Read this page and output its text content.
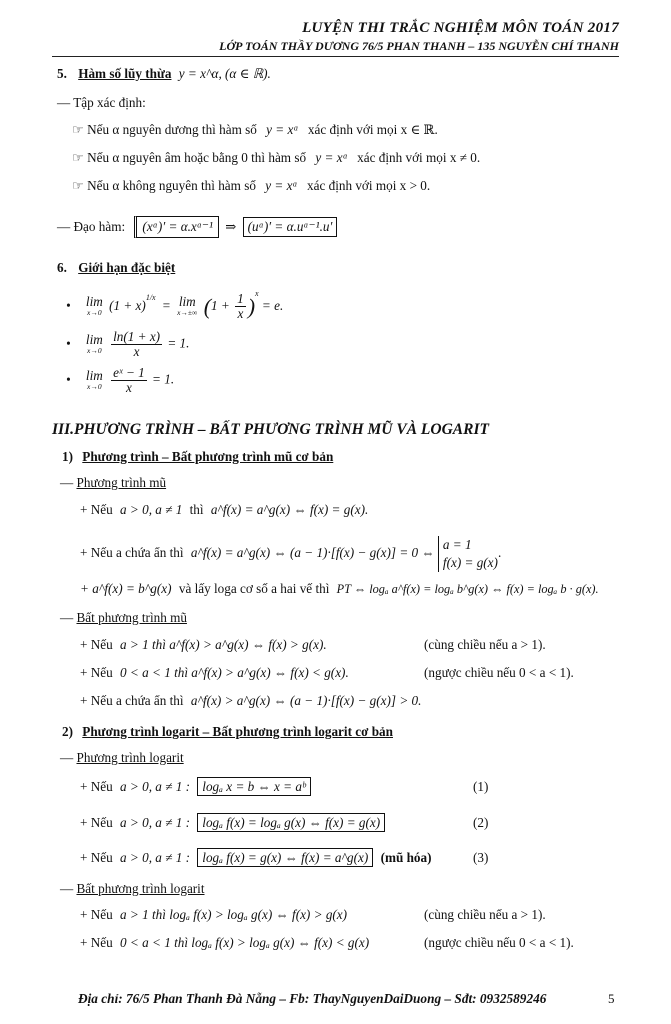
LUYỆN THI TRẮC NGHIỆM MÔN TOÁN 2017
LỚP TOÁN THẦY DƯƠNG 76/5 PHAN THANH – 135 NGUYỄN CHÍ THANH
5. Hàm số lũy thừa y = x^α, (α ∈ ℝ).
— Tập xác định:
☞ Nếu α nguyên dương thì hàm số y = xᵅ xác định với mọi x ∈ ℝ.
☞ Nếu α nguyên âm hoặc bằng 0 thì hàm số y = xᵅ xác định với mọi x ≠ 0.
☞ Nếu α không nguyên thì hàm số y = xᵅ xác định với mọi x > 0.
— Đạo hàm: (xᵅ)′ = α.xᵅ⁻¹ ⇒ (uᵅ)′ = α.uᵅ⁻¹.u′
6. Giới hạn đặc biệt
• lim
x→0 $(1 + x)^{1/x} = \lim$
x→±∞ $(1 + \frac{1}{x} )^x = e$.
• lim
x→0
$\frac{\ln(1 + x)}{x} = 1$.
• lim
x→0
$\frac{\text{eˣ − 1}}{x} = 1$.
III.PHƯƠNG TRÌNH – BẤT PHƯƠNG TRÌNH MŨ VÀ LOGARIT
1) Phương trình – Bất phương trình mũ cơ bản
— Phương trình mũ
+ Nếu a > 0, a ≠ 1 thì a^f(x) = a^g(x) ⇔ f(x) = g(x).
+ Nếu a chứa ẩn thì a^f(x) = a^g(x) ⇔ (a − 1)·[f(x) − g(x)] = 0 ⇔
a = 1
f(x) = g(x)
.
+ a^f(x) = b^g(x) và lấy loga cơ số a hai vế thì PT ⇔ logₐ a^f(x) = logₐ b^g(x) ⇔ f(x) = logₐ b · g(x).
— Bất phương trình mũ
+ Nếu a > 1 thì a^f(x) > a^g(x) ⇔ f(x) > g(x).	(cùng chiều nếu a > 1).
+ Nếu 0 < a < 1 thì a^f(x) > a^g(x) ⇔ f(x) < g(x).	(ngược chiều nếu 0 < a < 1).
+ Nếu a chứa ẩn thì a^f(x) > a^g(x) ⇔ (a − 1)·[f(x) − g(x)] > 0.
2) Phương trình logarit – Bất phương trình logarit cơ bản
— Phương trình logarit
+ Nếu a > 0, a ≠ 1 : logₐ x = b ⇔ x = aᵇ	(1)
+ Nếu a > 0, a ≠ 1 : logₐ f(x) = logₐ g(x) ⇔ f(x) = g(x)	(2)
+ Nếu a > 0, a ≠ 1 : logₐ f(x) = g(x) ⇔ f(x) = a^g(x) (mũ hóa)	(3)
— Bất phương trình logarit
+ Nếu a > 1 thì logₐ f(x) > logₐ g(x) ⇔ f(x) > g(x)	(cùng chiều nếu a > 1).
+ Nếu 0 < a < 1 thì logₐ f(x) > logₐ g(x) ⇔ f(x) < g(x)	(ngược chiều nếu 0 < a < 1).
Địa chỉ: 76/5 Phan Thanh Đà Nẵng – Fb: ThayNguyenDaiDuong – Sđt: 0932589246	5
